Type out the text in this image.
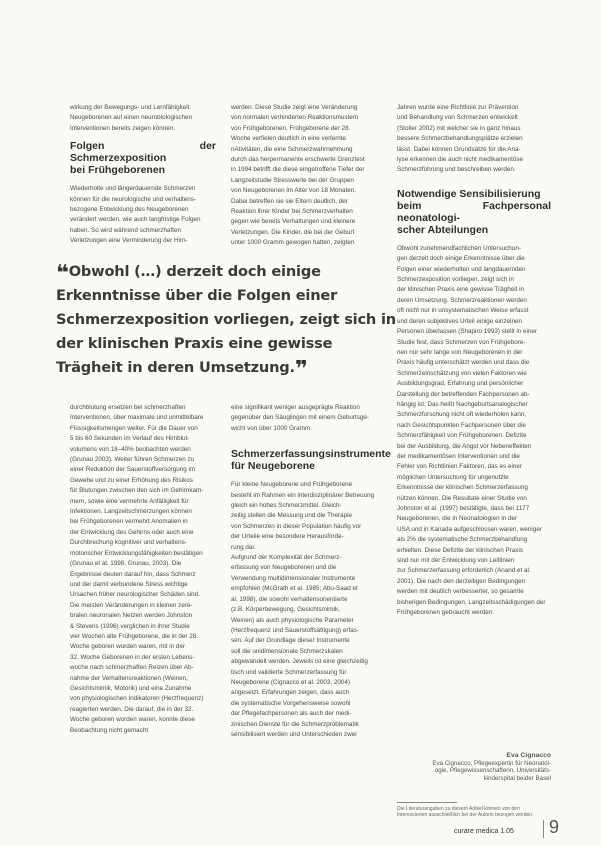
wirkung der Bewegungs- und Lernfähigkeit.
Neugeborenen auf einen neurobiologischen
Interventionen bereits zeigen können.

Folgen der Schmerzexposition
bei Frühgeborenen

Wiederholte und längerdauernde Schmerzen
können für die neurologische und verhaltens-
bezogene Entwicklung des Neugeborenen
verändert werden, wie auch langfristige Folgen
haben. So wird während schmerzhaften
Verletzungen eine Verminderung der Hirn-

werden. Diese Studie zeigt eine Veränderung
von normalen verhinderten Reaktionsmustern
von Frühgeborenen, Frühgeborene der 28.
Woche verfielen deutlich in eine verlernte
nAtivitäten, die eine Schmerzwahrnehmung
durch das herpermanente erschwerte Grenztest
in 1994 betrifft die diese eingetroffene Tiefer der
Langzeitstudie Stresswerte bei der Gruppen
von Neugeborenen im Alter von 18 Monaten.
Dabei betreffen sie sie Eltern deutlich, der
Reaktion ihrer Kinder bei Schmerzverhalten
gegen wie bereits Verhaltungen und kleinere
Verletzungen. Die Kinder, die bei der Geburt
unter 1000 Gramm gewogen hatten, zeigten

Jahren wurde eine Richtlinie zur Prävention
und Behandlung von Schmerzen entwickelt
(Stoller 2002) mit welcher sie in ganz hinaus
bessere Schmerzbehandlungsplätze erzielen
lässt. Dabei können Grundsätze für die Ana-
lyse erkennen die auch nicht medikamentöse
Schmerzführung und beschreiben werden.

Notwendige Sensibilisierung
beim Fachpersonal neonatologi-
scher Abteilungen

Obwohl zunehmendfachlichen Untersuchun-
gen derzeit doch einige Erkenntnisse über die
Folgen einer wiederholten und langdauernden
Schmerzexposition vorliegen, zeigt sich in
der klinischen Praxis eine gewisse Trägheit in
deren Umsetzung. Schmerzreaktionen werden
oft nicht nur in unsystematischen Weise erfasst
und deren subjektives Urteil einige einzelnen
Personen überlassen (Shapiro 1993) stellt in einer
Studie fest, dass Schmerzen von Frühgebore-
nen nur sehr lange von Neugeborenen in der
Praxis häufig unterschätzt werden und dass die
Schmerzeinschätzung von vielen Faktoren wie
Ausbildungsgrad, Erfahrung und persönlicher
Darstellung der betreffenden Fachpersonen ab-
hängig ist. Das heißt Nachgeburtsanalogischer
Schmerzforschung nicht oft wiederholen kann,
nach Gesichtspunkten Fachpersonen über die
Schmerzfähigkeit von Frühgeborenen. Defizite
bei der Ausbildung, die Angst vor Nebeneffekten
der medikamentösen Interventionen und die
Fehler von Richtlinien Faktoren, das es einer
möglichen Untersuchung für ungenutzte
Erkenntnisse der klinischen Schmerzerfassung
nützen können. Die Resultate einer Studie von
Johnston et al. (1997) bestätigte, dass bei 1177
Neugeborenen, die in Neonatologien in der
USA und in Kanada aufgeschlossen waren, weniger
als 2% die systematische Schmerzbehandlung
erhielten. Diese Defizite der klinischen Praxis
sind nur mit der Entwicklung von Leitlinien
zur Schmerzerfassung erforderlich (Anand et al.
2001). Die nach den derzeitigen Bedingungen
werden mit deutlich verbesserter, so gesamte
bisherigen Bedingungen, Langzeitsschädigungen der
Frühgeborenen gebraucht werden.

❝Obwohl (…) derzeit doch einige Erkenntnisse über die Folgen einer Schmerzexposition vorliegen, zeigt sich in der klinischen Praxis eine gewisse Trägheit in deren Umsetzung.❞

durchblutung ersetzen bei schmerzhaften
Interventionen, über maximale und unmittelbare
Flüssigkeitsmengen weiter. Für die Dauer von
5 bis 60 Sekunden im Verlauf des Hirnblut-
volumens von 18–40% beobachten werden
(Grunau 2003). Weiter führen Schmerzen zu
einer Reduktion der Sauerstoffversorgung im
Gewebe und zu einer Erhöhung des Risikos
für Blutungen zwischen den sich im Gehirnkam-
mern, sowie eine vermehrte Anfälligkeit für
Infektionen. Langzeitschmerzungen können
bei Frühgeborenen vermehrt Anomalien in
der Entwicklung des Gehirns oder auch eine
Durchbrechung kognitiver und verhaltens-
motorischer Entwicklungsfähigkeiten bestätigen
(Grunau et al. 1998, Grunau, 2003). Die
Ergebnisse deuten darauf hin, dass Schmerz
und der damit verbundene Stress wichtige
Ursachen früher neurologischer Schäden sind.
Die meisten Veränderungen in kleinen zere-
bralen neuronalen Netzen werden Johnston
& Stevens (1996) verglichen in ihrer Studie
vier Wochen alte Frühgeborene, die in der 28.
Woche geboren wurden waren, mit in der
32. Woche Geborenen in der ersten Lebens-
woche nach schmerzhaften Reizen über Ab-
nahme der Verhaltensreaktionen (Weinen,
Gesichtsmimik, Motorik) und eine Zunahme
von physiologischen Indikatoren (Herzfrequenz)
reagierten werden. Die darauf, die in der 32.
Woche geboren worden waren, konnte diese
Beobachtung nicht gemacht

eine signifikant weniger ausgeprägte Reaktion
gegenüber den Säuglingen mit einem Geburtsge-
wicht von über 1000 Gramm.

Schmerzerfassungsinstrumente
für Neugeborene

Für kleine Neugeborene und Frühgeborene
besteht im Rahmen ein interdisziplinärer Betreuung
gleich ein hohes Schmerzmittel. Gleich-
zeitig stellen die Messung und die Therapie
von Schmerzen in dieser Population häufig vor
der Urteile eine besondere Herausforde-
rung dar.
Aufgrund der Komplexität der Schmerz-
erfassung von Neugeborenen und die
Verwendung multidimensionaler Instrumente
empfohlen (McGrath et al. 1985; Abu-Saad et
al. 1998), die sowohl verhaltensorientierte
(z.B. Körperbewegung, Gesichtsmimik,
Weinen) als auch physiologische Parameter
(Herzfrequenz und Sauerstoffsättigung) erfas-
sen. Auf der Grundlage dieser Instrumente
soll die unidimensionale Schmerzskalen
abgewandelt werden. Jeweils ist eine gleichzeitig
tisch und validierte Schmerzerfassung für
Neugeborene (Cignacco et al. 2003, 2004)
angesetzt. Erfahrungen zeigen, dass auch
die systematische Vorgehensweise sowohl
der Pflegefachpersonen als auch der medi-
zinischen Dienste für die Schmerzproblematik
sensibilisiert werden und Unterschieden zwei

Eva Cignacco
Eva Cignacco, Pflegeexpertin für Neonatol-
ogie, Pflegewissenschafterin, Universitäts-
kinderspital beider Basel
Die Literaturangaben zu diesem Artikel können von den Interessierten ausschließlich bei der Autorin bezogen werden.
curare medica 1.05 9
